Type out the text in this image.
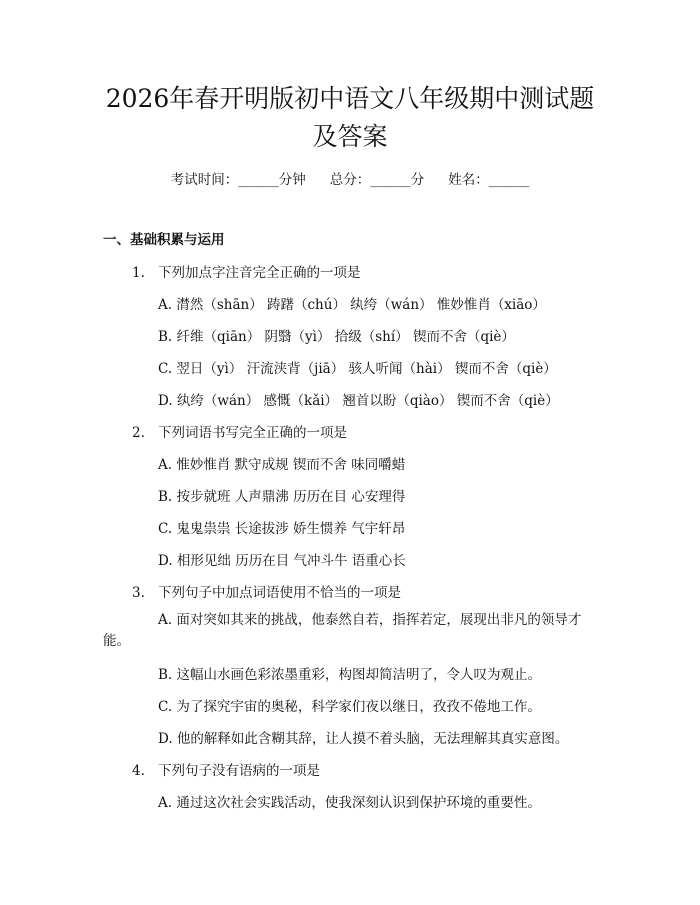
2026年春开明版初中语文八年级期中测试题
及答案
考试时间：______分钟 总分：______分 姓名：______
一、基础积累与运用
1. 下列加点字注音完全正确的一项是
A. 潸然（shān） 踌躇（chú） 纨绔（wán） 惟妙惟肖（xiāo）
B. 纤维（qiān） 阴翳（yì） 拾级（shí） 锲而不舍（qiè）
C. 翌日（yì） 汗流浃背（jiā） 骇人听闻（hài） 锲而不舍（qiè）
D. 纨绔（wán） 感慨（kǎi） 翘首以盼（qiào） 锲而不舍（qiè）
2. 下列词语书写完全正确的一项是
A. 惟妙惟肖 默守成规 锲而不舍 味同嚼蜡
B. 按步就班 人声鼎沸 历历在目 心安理得
C. 鬼鬼祟祟 长途拔涉 娇生惯养 气宇轩昂
D. 相形见绌 历历在目 气冲斗牛 语重心长
3. 下列句子中加点词语使用不恰当的一项是
A. 面对突如其来的挑战，他泰然自若，指挥若定，展现出非凡的领导才能。
B. 这幅山水画色彩浓墨重彩，构图却简洁明了，令人叹为观止。
C. 为了探究宇宙的奥秘，科学家们夜以继日，孜孜不倦地工作。
D. 他的解释如此含糊其辞，让人摸不着头脑，无法理解其真实意图。
4. 下列句子没有语病的一项是
A. 通过这次社会实践活动，使我深刻认识到保护环境的重要性。
